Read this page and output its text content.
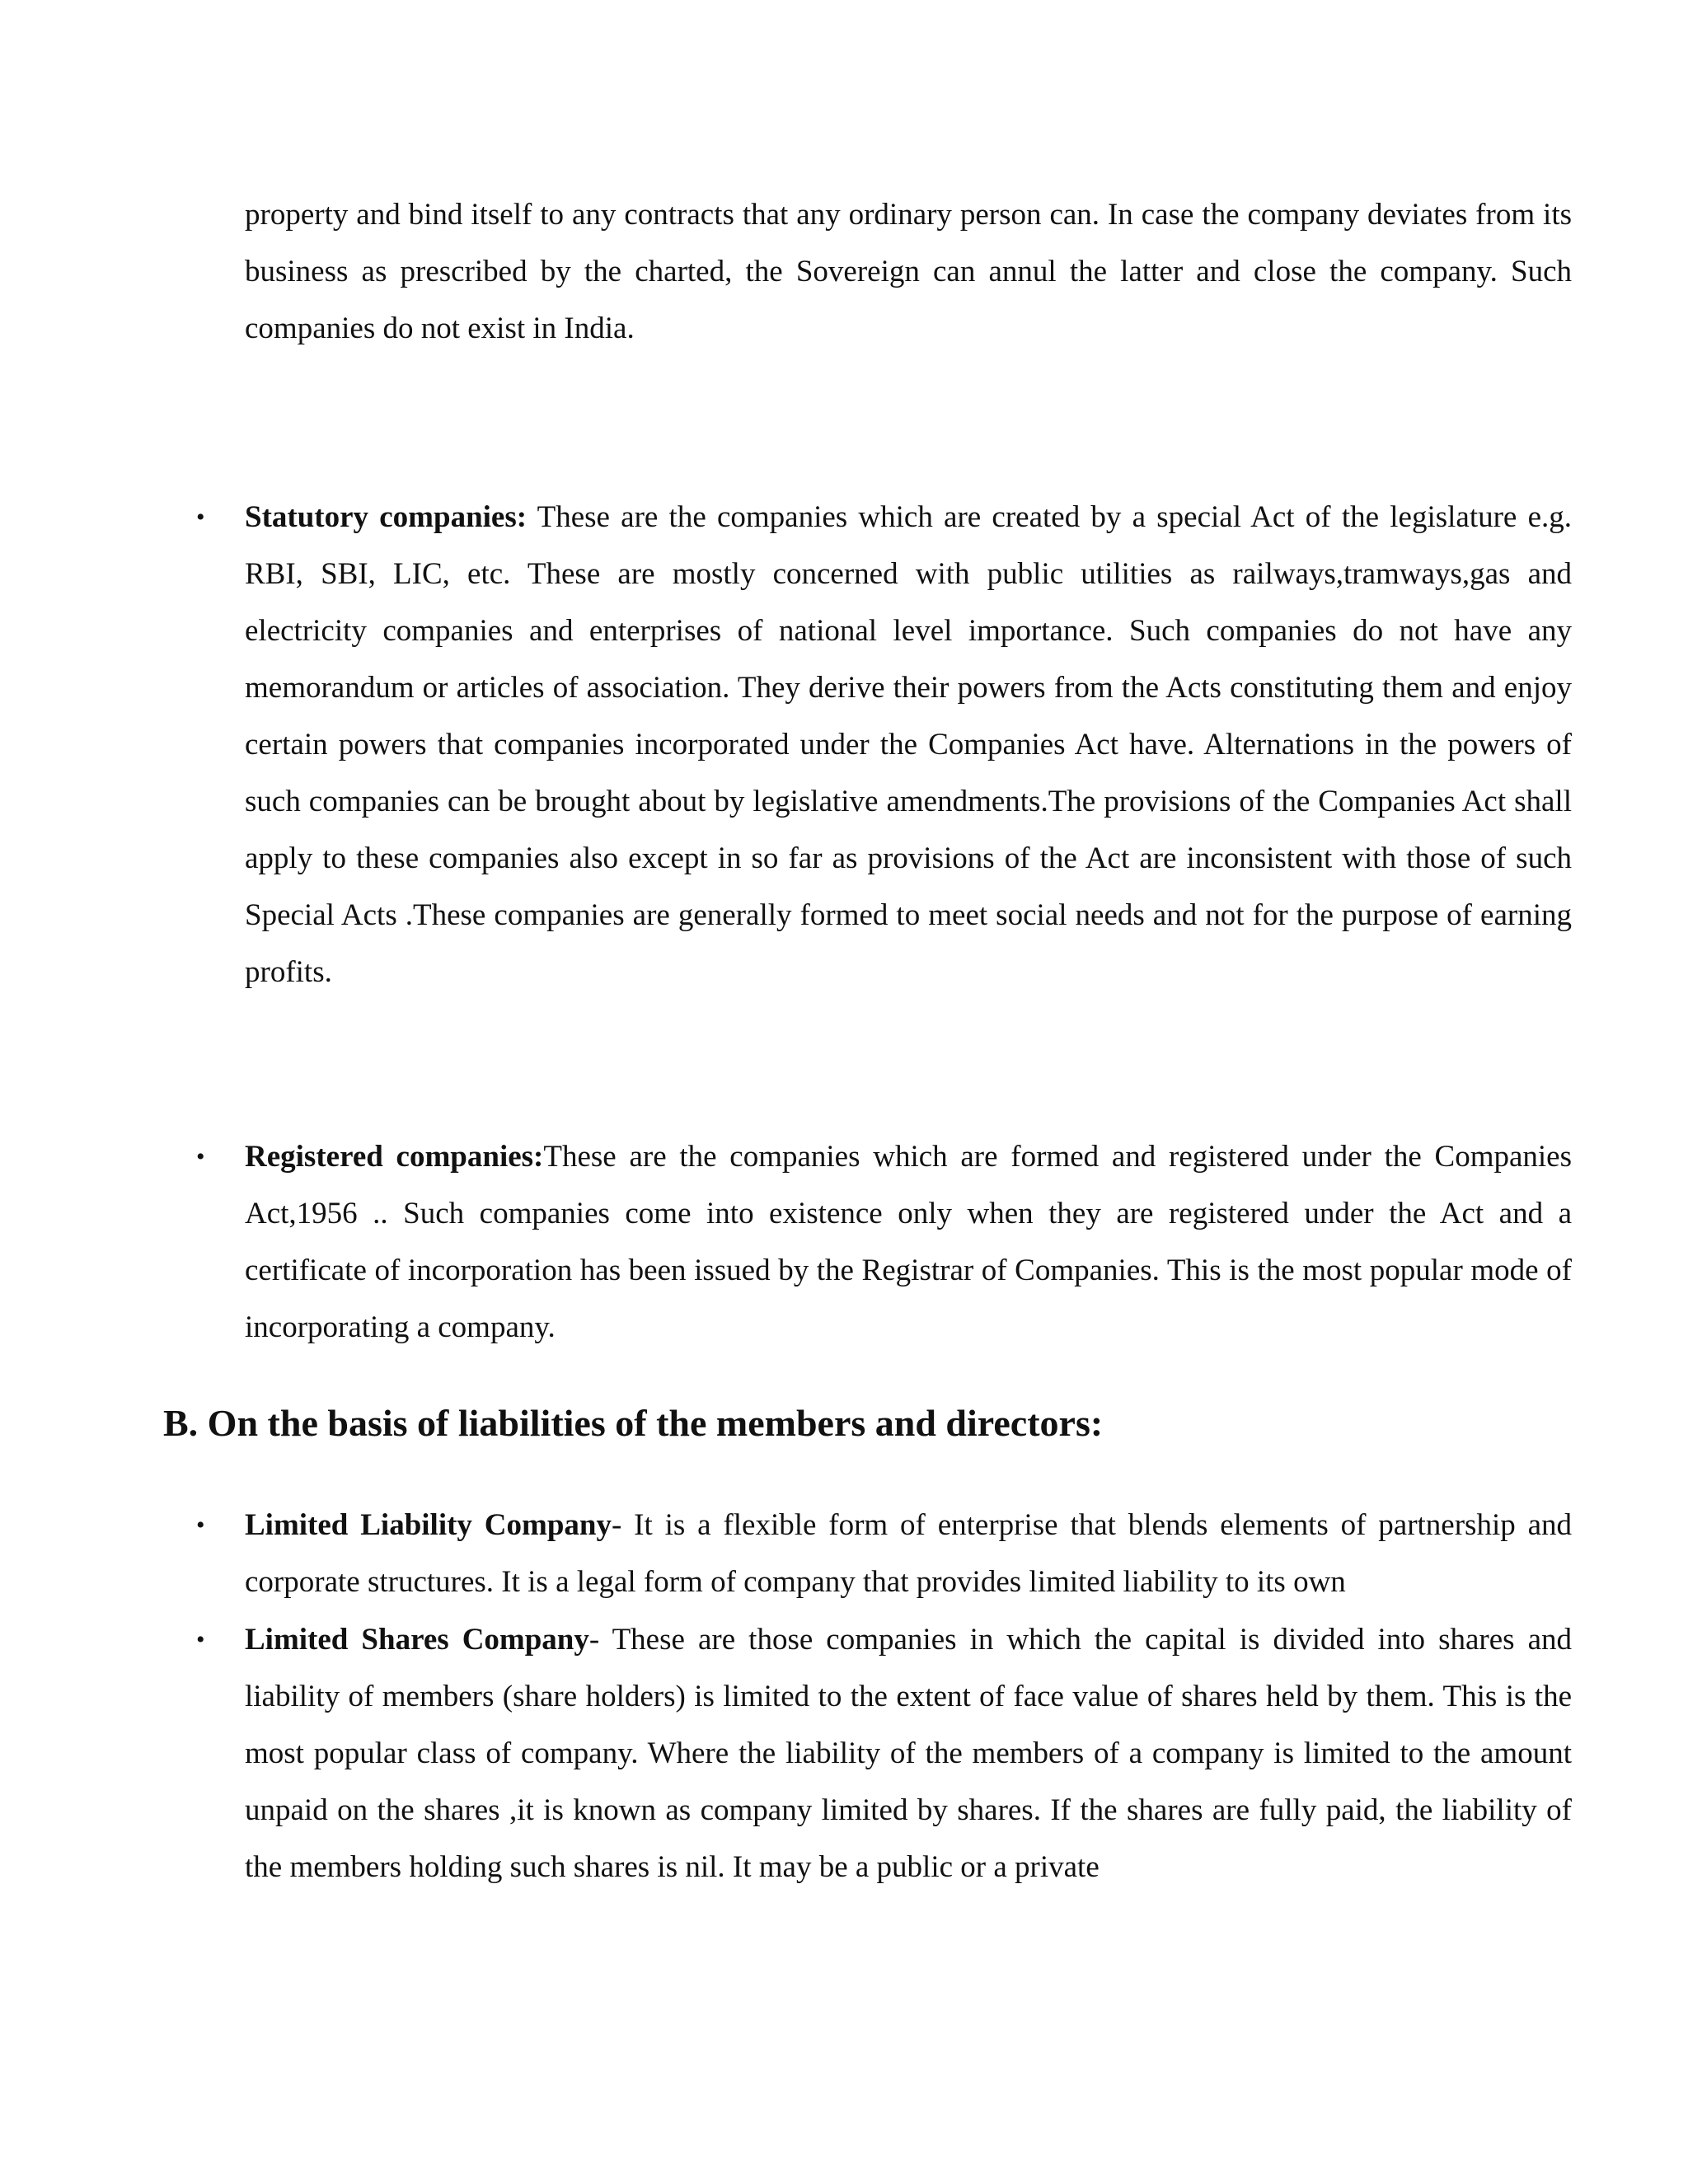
property and bind itself to any contracts that any ordinary person can. In case the company deviates from its business as prescribed by the charted, the Sovereign can annul the latter and close the company. Such companies do not exist in India.

• Statutory companies: These are the companies which are created by a special Act of the legislature e.g. RBI, SBI, LIC, etc. These are mostly concerned with public utilities as railways,tramways,gas and electricity companies and enterprises of national level importance. Such companies do not have any memorandum or articles of association. They derive their powers from the Acts constituting them and enjoy certain powers that companies incorporated under the Companies Act have. Alternations in the powers of such companies can be brought about by legislative amendments.The provisions of the Companies Act shall apply to these companies also except in so far as provisions of the Act are inconsistent with those of such Special Acts .These companies are generally formed to meet social needs and not for the purpose of earning profits.

• Registered companies:These are the companies which are formed and registered under the Companies Act,1956 .. Such companies come into existence only when they are registered under the Act and a certificate of incorporation has been issued by the Registrar of Companies. This is the most popular mode of incorporating a company.

B. On the basis of liabilities of the members and directors:
• Limited Liability Company- It is a flexible form of enterprise that blends elements of partnership and corporate structures. It is a legal form of company that provides limited liability to its own

• Limited Shares Company- These are those companies in which the capital is divided into shares and liability of members (share holders) is limited to the extent of face value of shares held by them. This is the most popular class of company. Where the liability of the members of a company is limited to the amount unpaid on the shares ,it is known as company limited by shares. If the shares are fully paid, the liability of the members holding such shares is nil. It may be a public or a private
